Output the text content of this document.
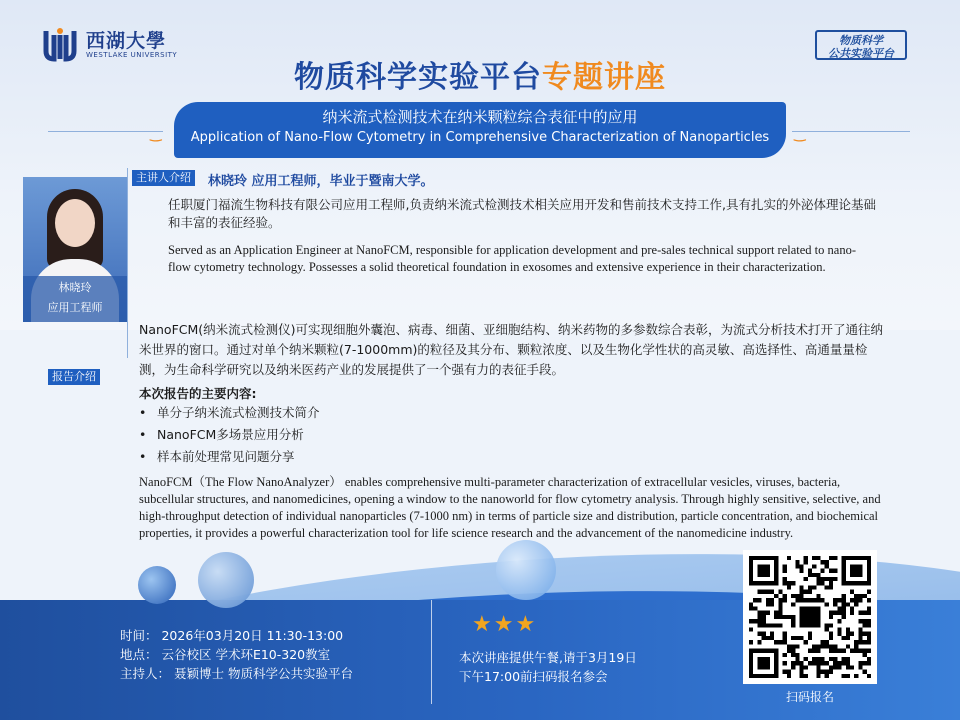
西湖大學
WESTLAKE UNIVERSITY
物质科学
公共实验平台
物质科学实验平台专题讲座
‿	‿
纳米流式检测技术在纳米颗粒综合表征中的应用
Application of Nano-Flow Cytometry in Comprehensive Characterization of Nanoparticles
林晓玲
应用工程师
主讲人介绍	林晓玲 应用工程师，毕业于暨南大学。
任职厦门福流生物科技有限公司应用工程师,负责纳米流式检测技术相关应用开发和售前技术支持工作,具有扎实的外泌体理论基础和丰富的表征经验。
Served as an Application Engineer at NanoFCM, responsible for application development and pre-sales technical support related to nano-flow cytometry technology. Possesses a solid theoretical foundation in exosomes and extensive experience in their characterization.
报告介绍
NanoFCM(纳米流式检测仪)可实现细胞外囊泡、病毒、细菌、亚细胞结构、纳米药物的多参数综合表彰，为流式分析技术打开了通往纳米世界的窗口。通过对单个纳米颗粒(7-1000mm)的粒径及其分布、颗粒浓度、以及生物化学性状的高灵敏、高选择性、高通量量检测，为生命科学研究以及纳米医药产业的发展提供了一个强有力的表征手段。
本次报告的主要内容:
• 单分子纳米流式检测技术简介
• NanoFCM多场景应用分析
• 样本前处理常见问题分享
NanoFCM（The Flow NanoAnalyzer） enables comprehensive multi-parameter characterization of extracellular vesicles, viruses, bacteria, subcellular structures, and nanomedicines, opening a window to the nanoworld for flow cytometry analysis. Through highly sensitive, selective, and high-throughput detection of individual nanoparticles (7-1000 nm) in terms of particle size and distribution, particle concentration, and biochemical properties, it provides a powerful characterization tool for life science research and the advancement of the nanomedicine industry.
时间： 2026年03月20日 11:30-13:00
地点： 云谷校区 学术环E10-320教室
主持人： 聂颖博士 物质科学公共实验平台
★★★
本次讲座提供午餐,请于3月19日
下午17:00前扫码报名参会
扫码报名
